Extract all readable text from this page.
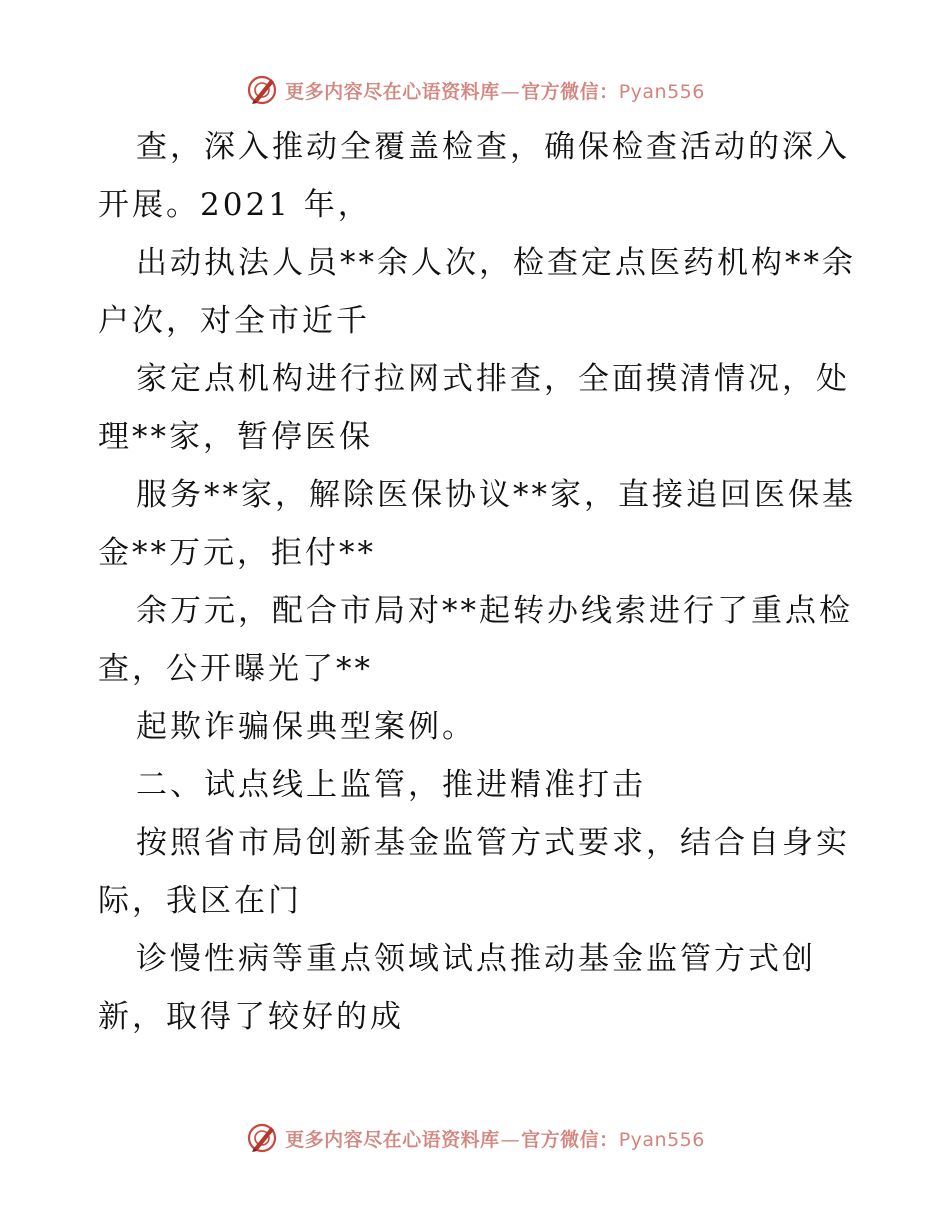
更多内容尽在心语资料库—官方微信：Pyan556
查，深入推动全覆盖检查，确保检查活动的深入
开展。2021 年，
出动执法人员**余人次，检查定点医药机构**余
户次，对全市近千
家定点机构进行拉网式排查，全面摸清情况，处
理**家，暂停医保
服务**家，解除医保协议**家，直接追回医保基
金**万元，拒付**
余万元，配合市局对**起转办线索进行了重点检
查，公开曝光了**
起欺诈骗保典型案例。
二、试点线上监管，推进精准打击
按照省市局创新基金监管方式要求，结合自身实
际，我区在门
诊慢性病等重点领域试点推动基金监管方式创
新，取得了较好的成
更多内容尽在心语资料库—官方微信：Pyan556
